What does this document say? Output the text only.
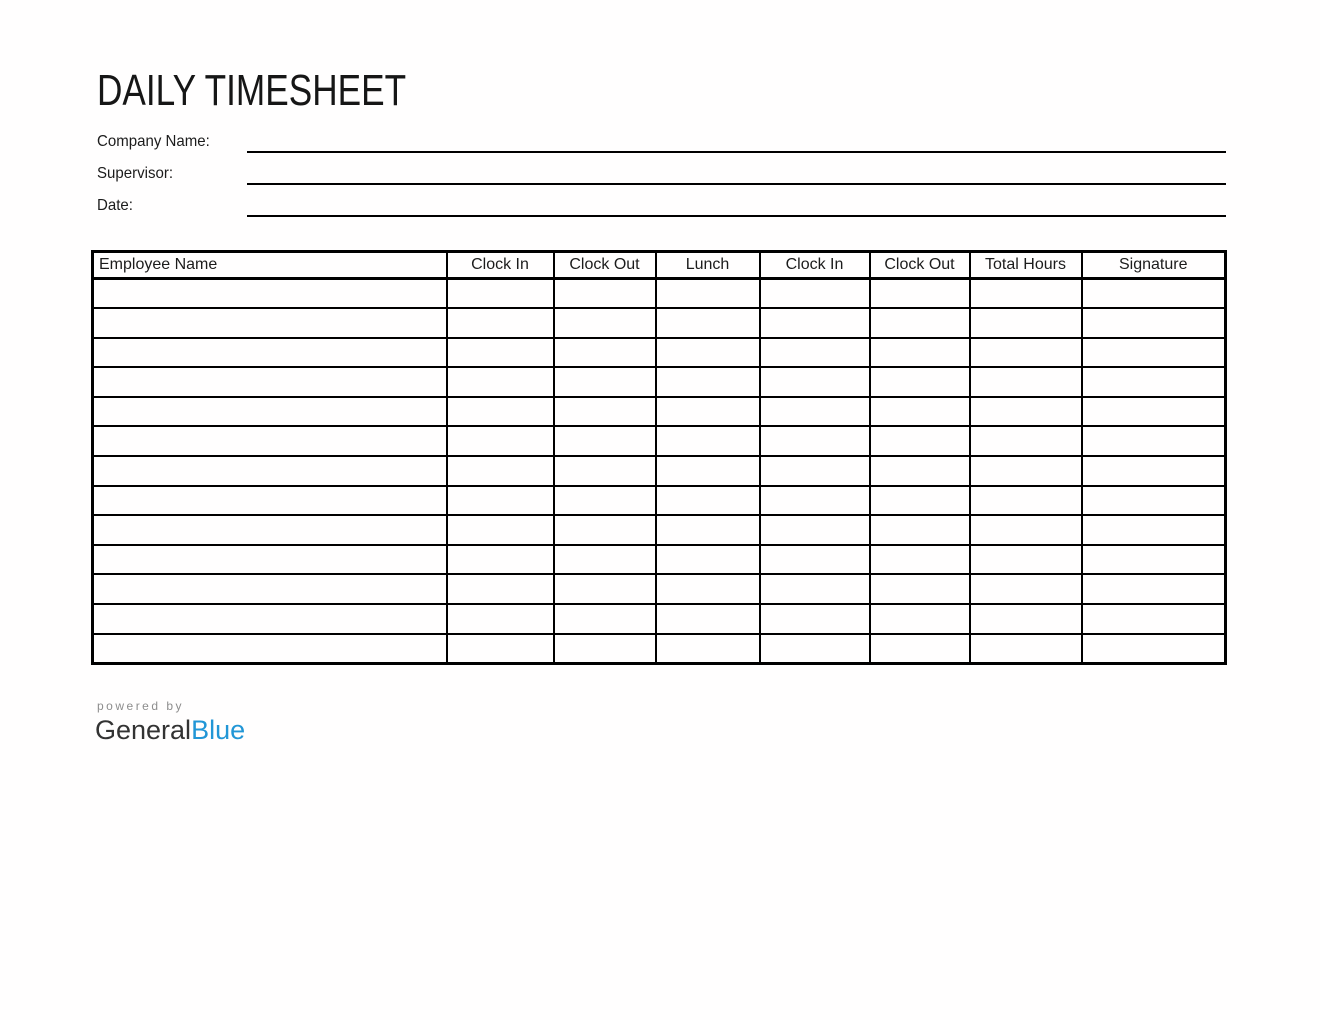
DAILY TIMESHEET
Company Name:
Supervisor:
Date:
Employee Name	Clock In	Clock Out	Lunch	Clock In	Clock Out	Total Hours	Signature

powered by
GeneralBlue
